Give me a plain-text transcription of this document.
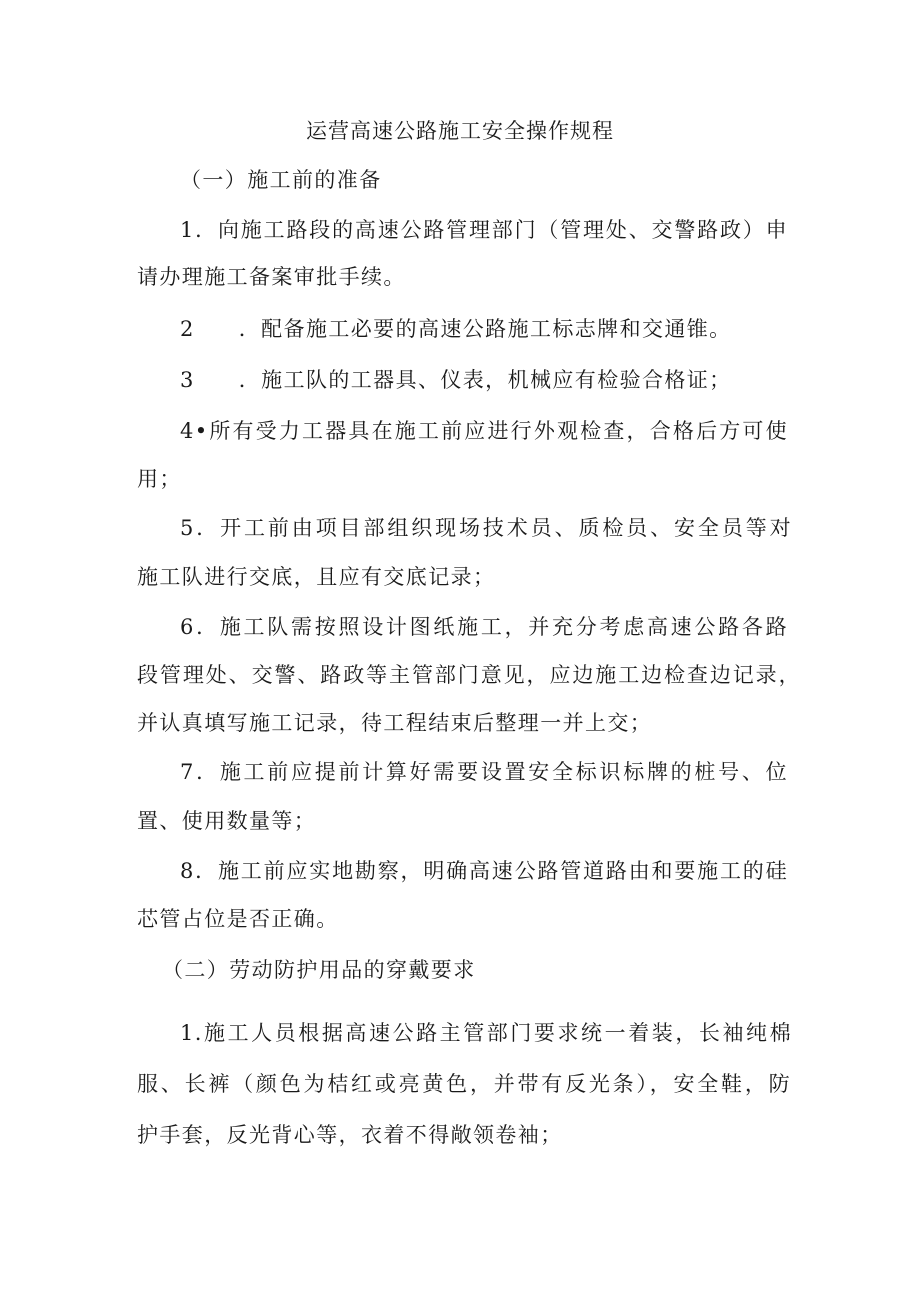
运营高速公路施工安全操作规程
（一）施工前的准备
1．向施工路段的高速公路管理部门（管理处、交警路政）申
请办理施工备案审批手续。
2 ．配备施工必要的高速公路施工标志牌和交通锥。
3 ．施工队的工器具、仪表，机械应有检验合格证；
4•所有受力工器具在施工前应进行外观检查，合格后方可使
用；
5．开工前由项目部组织现场技术员、质检员、安全员等对
施工队进行交底，且应有交底记录；
6．施工队需按照设计图纸施工，并充分考虑高速公路各路
段管理处、交警、路政等主管部门意见，应边施工边检查边记录，
并认真填写施工记录，待工程结束后整理一并上交；
7．施工前应提前计算好需要设置安全标识标牌的桩号、位
置、使用数量等；
8．施工前应实地勘察，明确高速公路管道路由和要施工的硅
芯管占位是否正确。
（二）劳动防护用品的穿戴要求
1.施工人员根据高速公路主管部门要求统一着装，长袖纯棉
服、长裤（颜色为桔红或亮黄色，并带有反光条），安全鞋，防
护手套，反光背心等，衣着不得敞领卷袖；
